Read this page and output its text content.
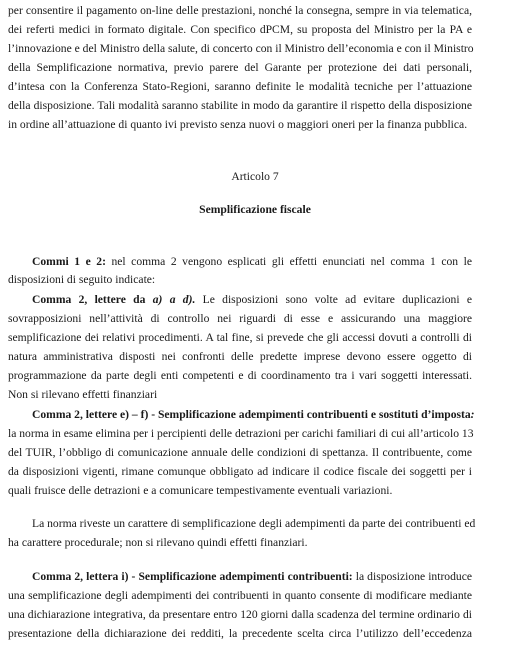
per consentire il pagamento on-line delle prestazioni, nonché la consegna, sempre in via telematica,
dei referti medici in formato digitale. Con specifico dPCM, su proposta del Ministro per la PA e
l’innovazione e del Ministro della salute, di concerto con il Ministro dell’economia e con il Ministro
della Semplificazione normativa, previo parere del Garante per protezione dei dati personali,
d’intesa con la Conferenza Stato-Regioni, saranno definite le modalità tecniche per l’attuazione
della disposizione. Tali modalità saranno stabilite in modo da garantire il rispetto della disposizione
in ordine all’attuazione di quanto ivi previsto senza nuovi o maggiori oneri per la finanza pubblica.
Articolo 7
Semplificazione fiscale
Commi 1 e 2: nel comma 2 vengono esplicati gli effetti enunciati nel comma 1 con le
disposizioni di seguito indicate:
Comma 2, lettere da a) a d). Le disposizioni sono volte ad evitare duplicazioni e
sovrapposizioni nell’attività di controllo nei riguardi di esse e assicurando una maggiore
semplificazione dei relativi procedimenti. A tal fine, si prevede che gli accessi dovuti a controlli di
natura amministrativa disposti nei confronti delle predette imprese devono essere oggetto di
programmazione da parte degli enti competenti e di coordinamento tra i vari soggetti interessati.
Non si rilevano effetti finanziari
Comma 2, lettere e) – f) - Semplificazione adempimenti contribuenti e sostituti d’imposta:
la norma in esame elimina per i percipienti delle detrazioni per carichi familiari di cui all’articolo 13
del TUIR, l’obbligo di comunicazione annuale delle condizioni di spettanza. Il contribuente, come
da disposizioni vigenti, rimane comunque obbligato ad indicare il codice fiscale dei soggetti per i
quali fruisce delle detrazioni e a comunicare tempestivamente eventuali variazioni.
La norma riveste un carattere di semplificazione degli adempimenti da parte dei contribuenti ed
ha carattere procedurale; non si rilevano quindi effetti finanziari.
Comma 2, lettera i) - Semplificazione adempimenti contribuenti: la disposizione introduce
una semplificazione degli adempimenti dei contribuenti in quanto consente di modificare mediante
una dichiarazione integrativa, da presentare entro 120 giorni dalla scadenza del termine ordinario di
presentazione della dichiarazione dei redditi, la precedente scelta circa l’utilizzo dell’eccedenza
